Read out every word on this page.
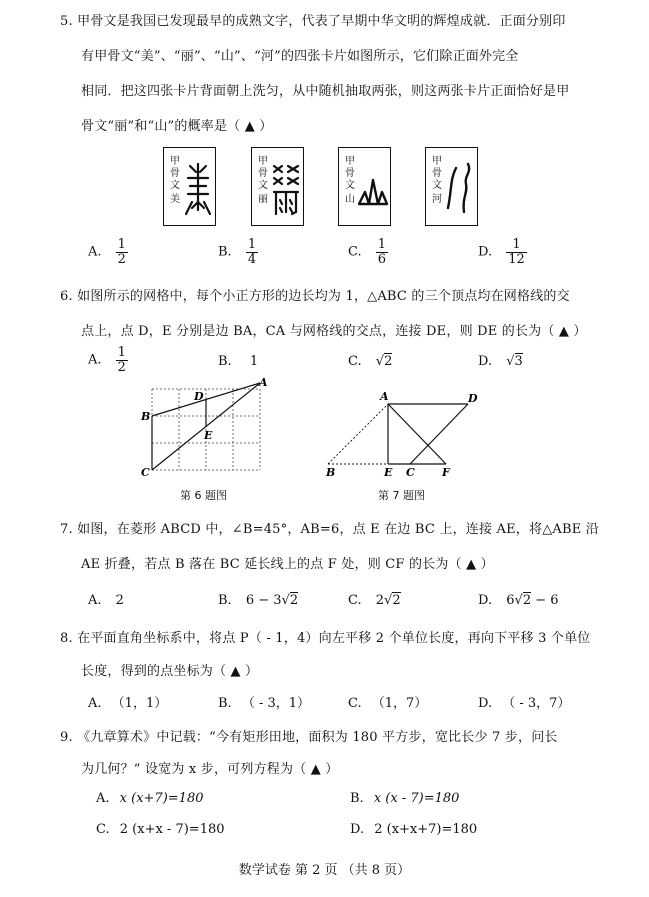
5. 甲骨文是我国已发现最早的成熟文字，代表了早期中华文明的辉煌成就．正面分别印
有甲骨文“美”、“丽”、“山”、“河”的四张卡片如图所示，它们除正面外完全
相同．把这四张卡片背面朝上洗匀，从中随机抽取两张，则这两张卡片正面恰好是甲
骨文“丽”和“山”的概率是（ ▲ ）
甲骨文
美
甲骨文
丽
甲骨文
山
甲骨文
河
A. $\frac{1}{2}$	B. $\frac{1}{4}$	C. $\frac{1}{6}$	D. $\frac{1}{12}$
6. 如图所示的网格中，每个小正方形的边长均为 1，△ABC 的三个顶点均在网格线的交
点上，点 D，E 分别是边 BA，CA 与网格线的交点，连接 DE，则 DE 的长为（ ▲ ）
A. $\frac{1}{2}$	B. 1	C. √2	D. √3
A
B
C
D
E
第 6 题图
A	D
B	E C F
第 7 题图
7. 如图，在菱形 ABCD 中，∠B=45°，AB=6，点 E 在边 BC 上，连接 AE，将△ABE 沿
AE 折叠，若点 B 落在 BC 延长线上的点 F 处，则 CF 的长为（ ▲ ）
A. 2	B. 6 − 3√2	C. 2√2	D. 6√2 − 6
8. 在平面直角坐标系中，将点 P（ - 1，4）向左平移 2 个单位长度，再向下平移 3 个单位
长度，得到的点坐标为（ ▲ ）
A. （1，1）	B. （ - 3，1）	C. （1，7）	D. （ - 3，7）
9. 《九章算术》中记载：“今有矩形田地，面积为 180 平方步，宽比长少 7 步，问长
为几何？” 设宽为 x 步，可列方程为（ ▲ ）
A. x (x+7)=180	B. x (x - 7)=180
C. 2 (x+x - 7)=180	D. 2 (x+x+7)=180
数学试卷 第 2 页 （共 8 页）
